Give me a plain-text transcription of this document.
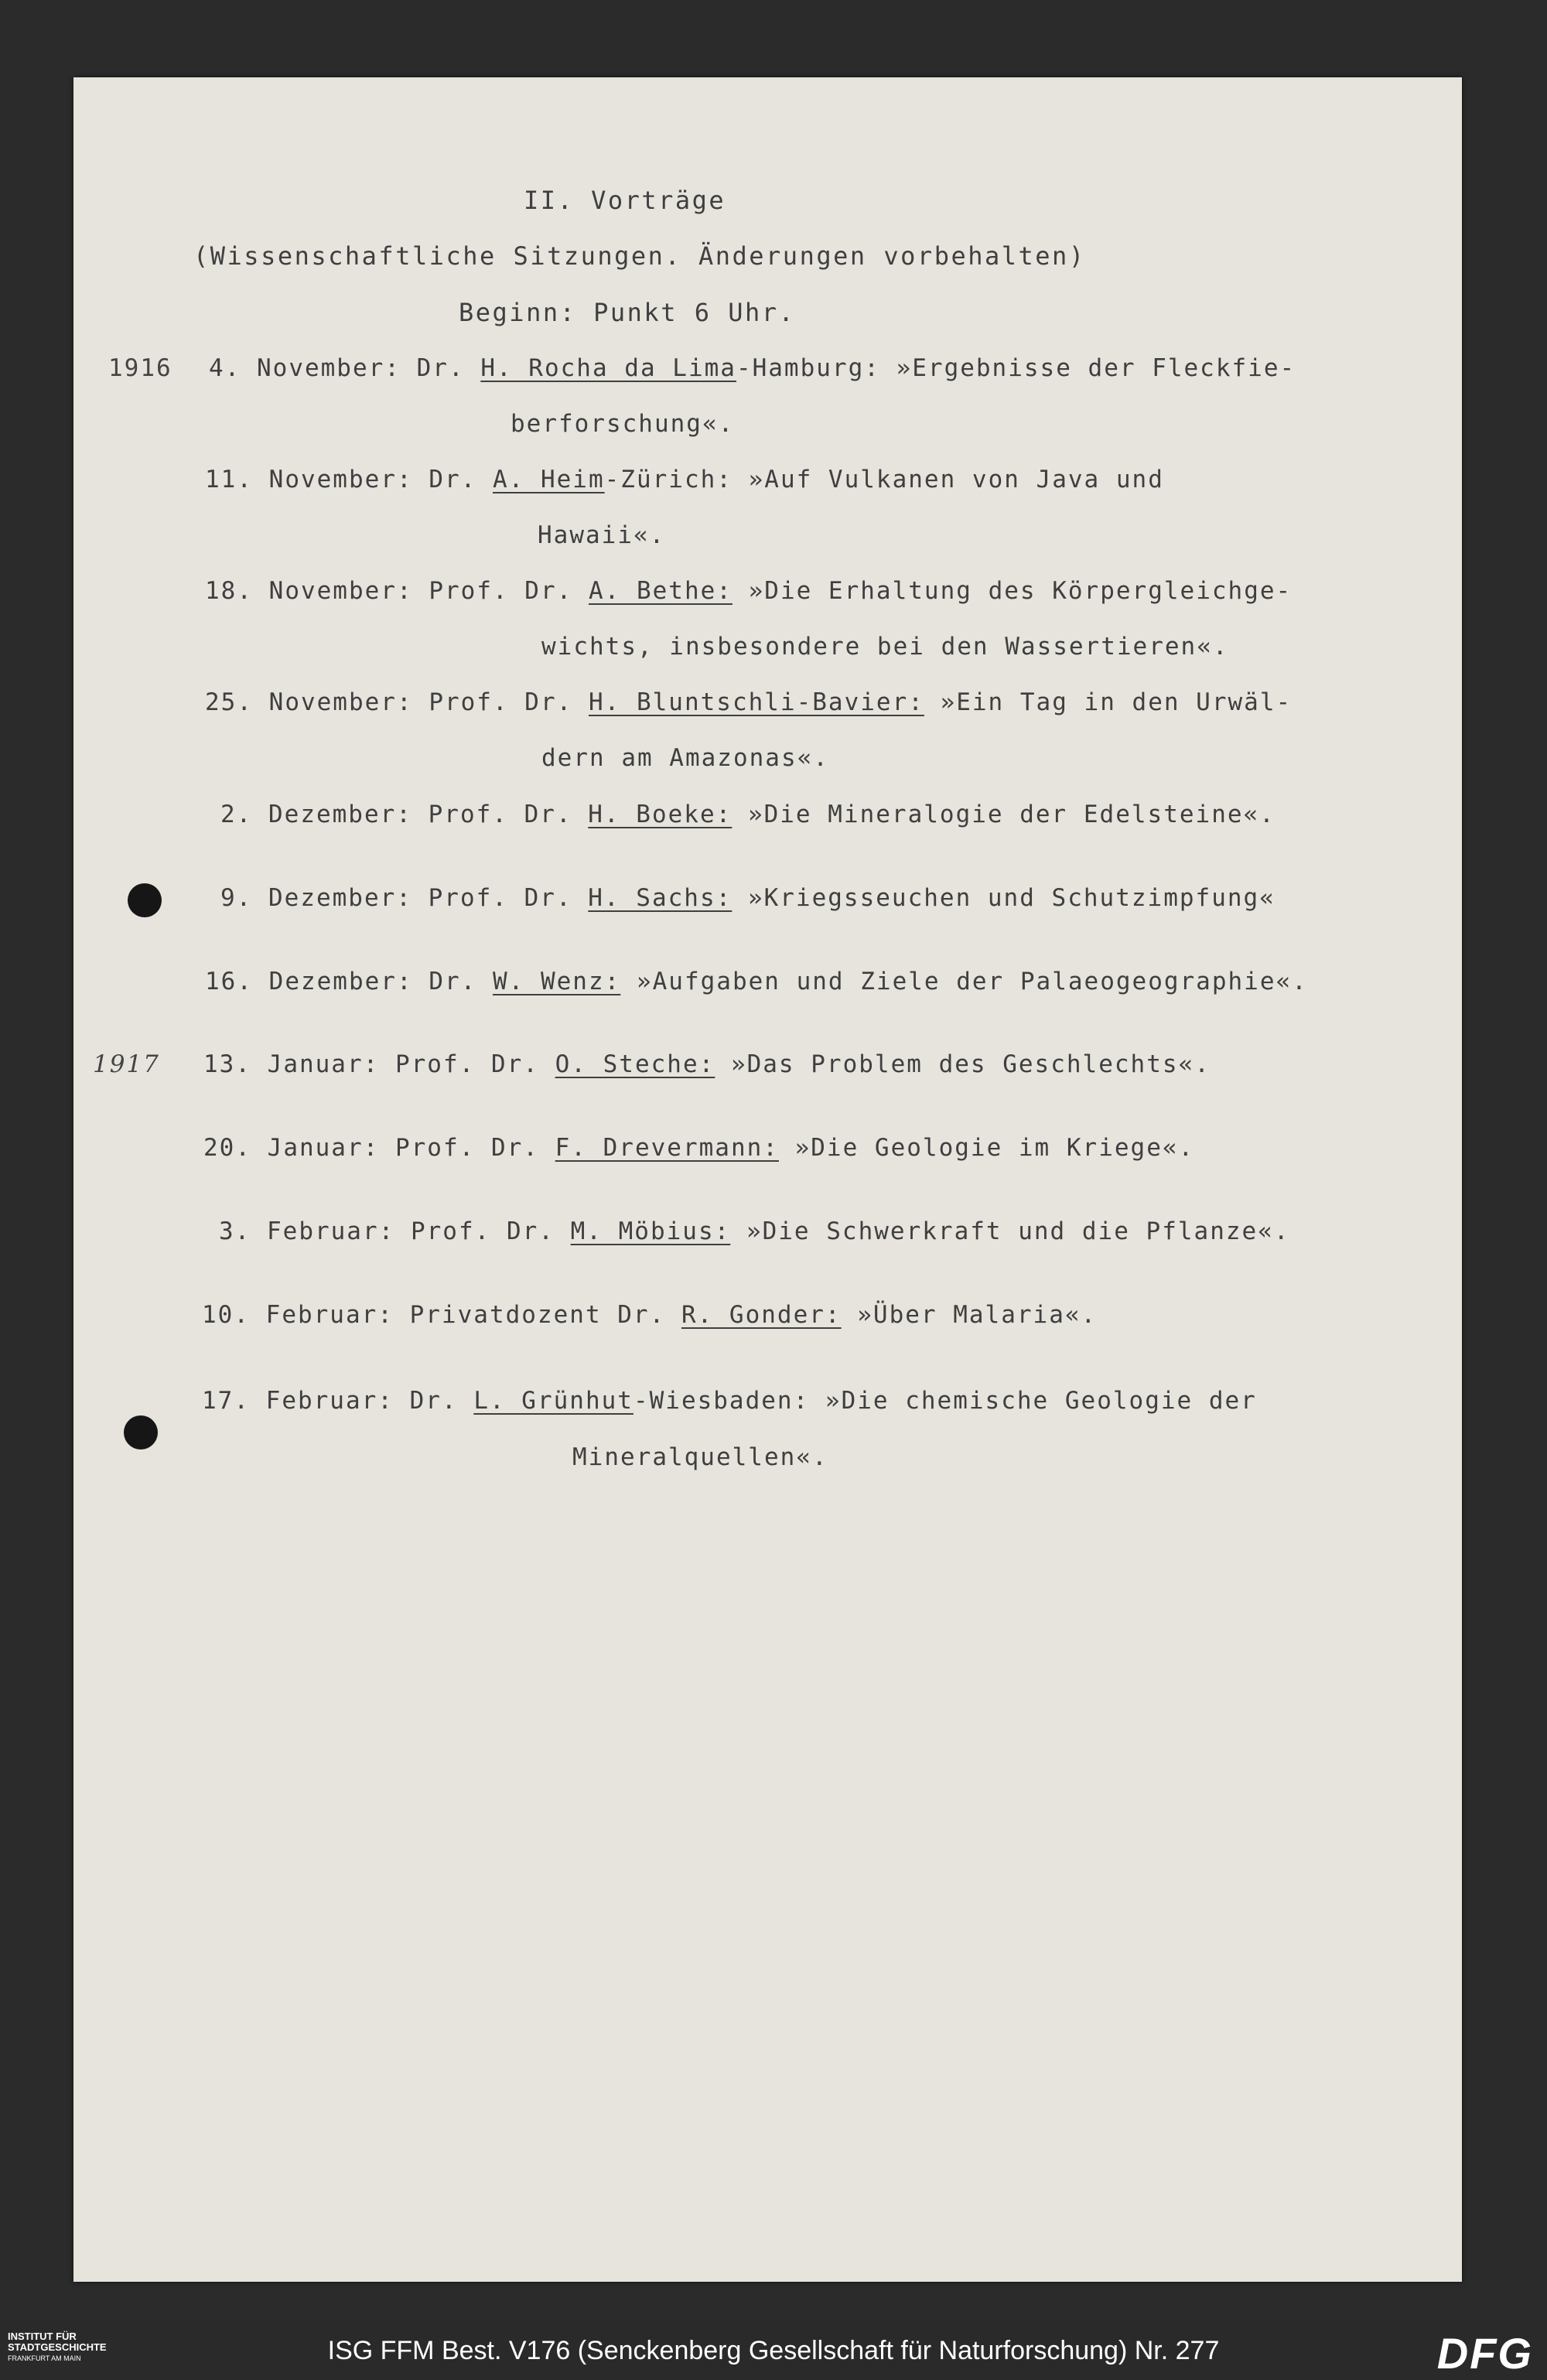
II. Vorträge
(Wissenschaftliche Sitzungen. Änderungen vorbehalten)
Beginn: Punkt 6 Uhr.
1916
1917
4. November: Dr. H. Rocha da Lima-Hamburg: »Ergebnisse der Fleckfie-
berforschung«.
11. November: Dr. A. Heim-Zürich: »Auf Vulkanen von Java und
Hawaii«.
18. November: Prof. Dr. A. Bethe: »Die Erhaltung des Körpergleichge-
wichts, insbesondere bei den Wassertieren«.
25. November: Prof. Dr. H. Bluntschli-Bavier: »Ein Tag in den Urwäl-
dern am Amazonas«.
2. Dezember: Prof. Dr. H. Boeke: »Die Mineralogie der Edelsteine«.
9. Dezember: Prof. Dr. H. Sachs: »Kriegsseuchen und Schutzimpfung«
16. Dezember: Dr. W. Wenz: »Aufgaben und Ziele der Palaeogeographie«.
13. Januar: Prof. Dr. O. Steche: »Das Problem des Geschlechts«.
20. Januar: Prof. Dr. F. Drevermann: »Die Geologie im Kriege«.
3. Februar: Prof. Dr. M. Möbius: »Die Schwerkraft und die Pflanze«.
10. Februar: Privatdozent Dr. R. Gonder: »Über Malaria«.
17. Februar: Dr. L. Grünhut-Wiesbaden: »Die chemische Geologie der
Mineralquellen«.
INSTITUT FÜR
STADTGESCHICHTE
FRANKFURT AM MAIN	ISG FFM Best. V176 (Senckenberg Gesellschaft für Naturforschung) Nr. 277	DFG
